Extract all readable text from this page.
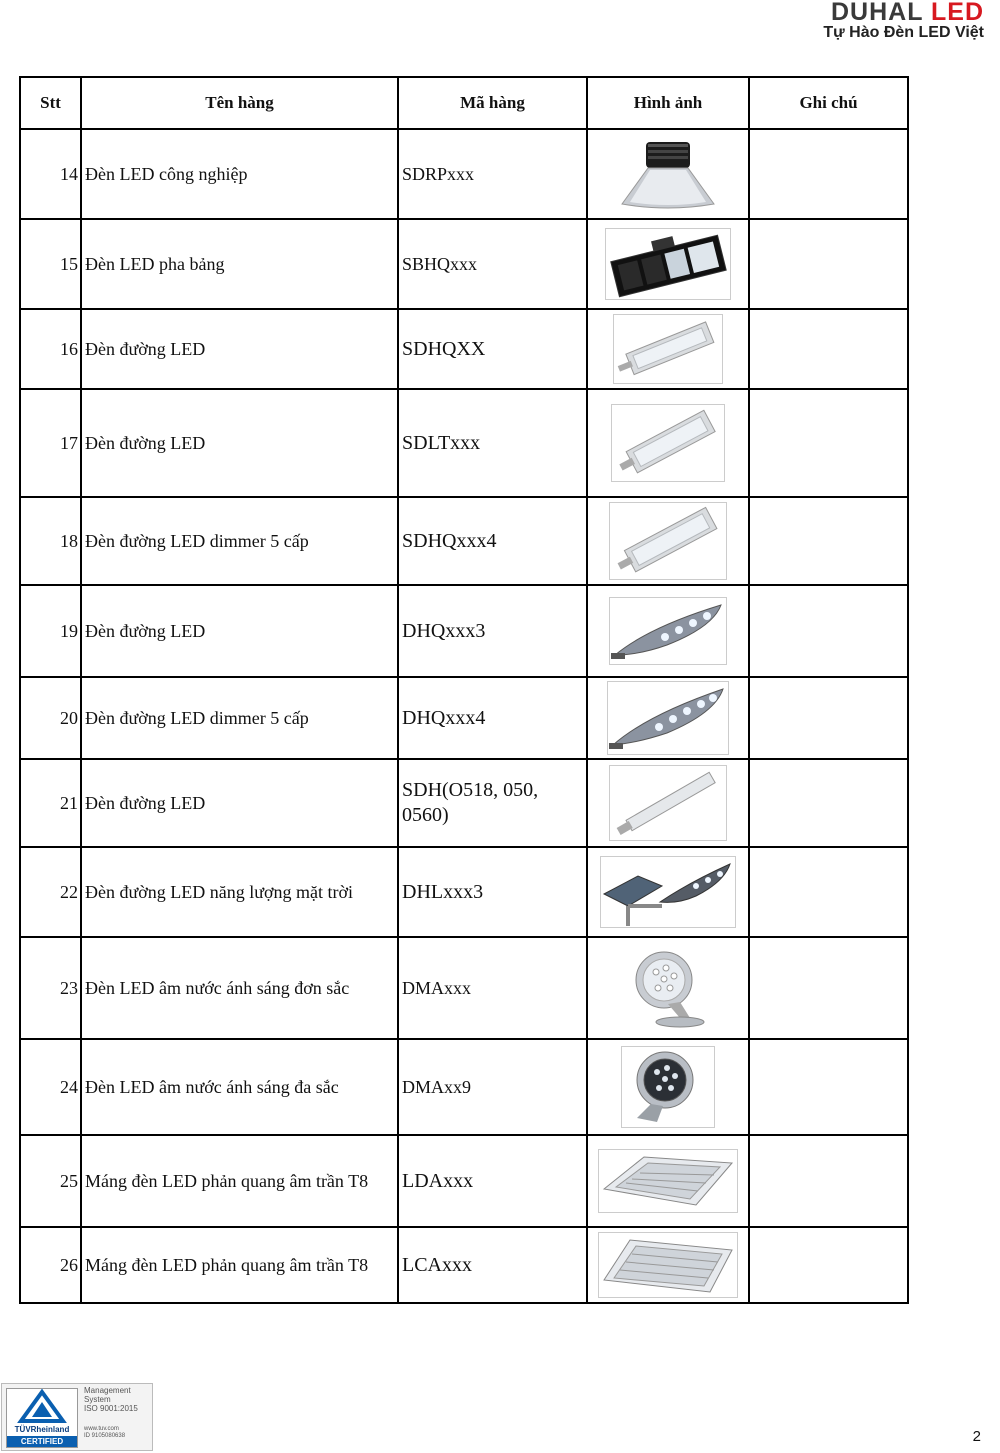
DUHAL LED
Tự Hào Đèn LED Việt
Stt	Tên hàng	Mã hàng	Hình ảnh	Ghi chú
14	Đèn LED công nghiệp	SDRPxxx		
15	Đèn LED pha bảng	SBHQxxx		
16	Đèn đường LED	SDHQXX		
17	Đèn đường LED	SDLTxxx		
18	Đèn đường LED dimmer 5 cấp	SDHQxxx4		
19	Đèn đường LED	DHQxxx3		
20	Đèn đường LED dimmer 5 cấp	DHQxxx4		
21	Đèn đường LED	SDH(O518, 050, 0560)		
22	Đèn đường LED năng lượng mặt trời	DHLxxx3		
23	Đèn LED âm nước ánh sáng đơn sắc	DMAxxx		
24	Đèn LED âm nước ánh sáng đa sắc	DMAxx9		
25	Máng đèn LED phản quang âm trần T8	LDAxxx		
26	Máng đèn LED phản quang âm trần T8	LCAxxx		
TÜVRheinland
CERTIFIED
Management
System
ISO 9001:2015
www.tuv.com
ID 9105080638	2
